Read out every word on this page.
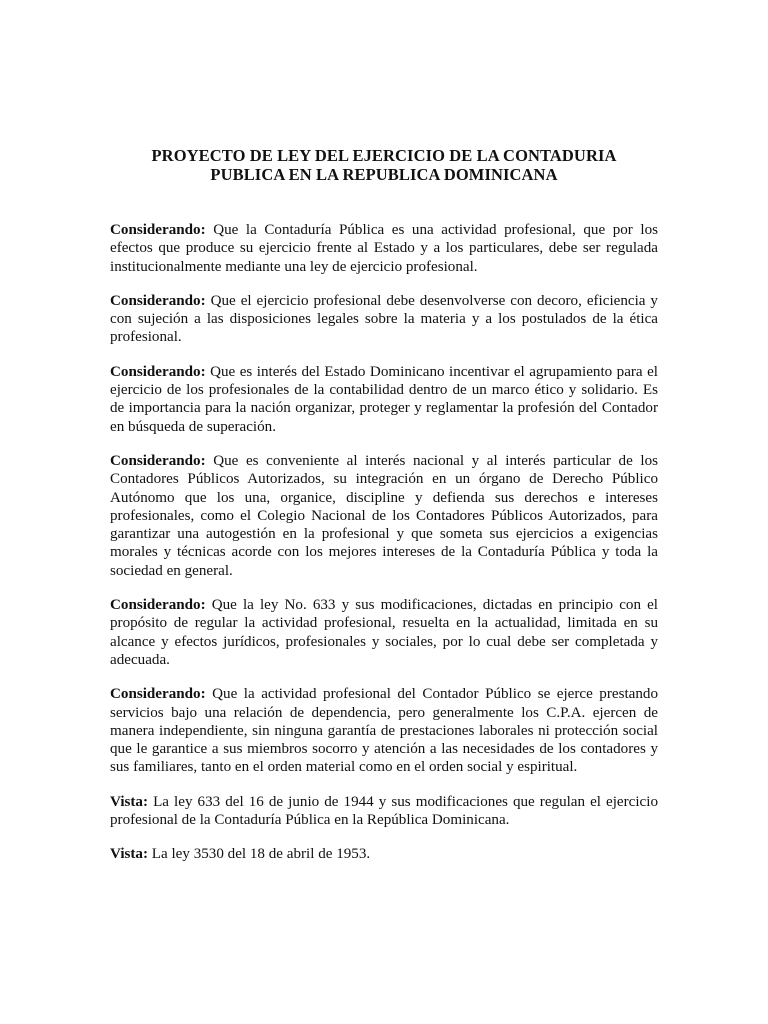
PROYECTO DE LEY DEL EJERCICIO DE LA CONTADURIA
PUBLICA EN LA REPUBLICA DOMINICANA

Considerando: Que la Contaduría Pública es una actividad profesional, que por los efectos que produce su ejercicio frente al Estado y a los particulares, debe ser regulada institucionalmente mediante una ley de ejercicio profesional.

Considerando: Que el ejercicio profesional debe desenvolverse con decoro, eficiencia y con sujeción a las disposiciones legales sobre la materia y a los postulados de la ética profesional.

Considerando: Que es interés del Estado Dominicano incentivar el agrupamiento para el ejercicio de los profesionales de la contabilidad dentro de un marco ético y solidario. Es de importancia para la nación organizar, proteger y reglamentar la profesión del Contador en búsqueda de superación.

Considerando: Que es conveniente al interés nacional y al interés particular de los Contadores Públicos Autorizados, su integración en un órgano de Derecho Público Autónomo que los una, organice, discipline y defienda sus derechos e intereses profesionales, como el Colegio Nacional de los Contadores Públicos Autorizados, para garantizar una autogestión en la profesional y que someta sus ejercicios a exigencias morales y técnicas acorde con los mejores intereses de la Contaduría Pública y toda la sociedad en general.

Considerando: Que la ley No. 633 y sus modificaciones, dictadas en principio con el propósito de regular la actividad profesional, resuelta en la actualidad, limitada en su alcance y efectos jurídicos, profesionales y sociales, por lo cual debe ser completada y adecuada.

Considerando: Que la actividad profesional del Contador Público se ejerce prestando servicios bajo una relación de dependencia, pero generalmente los C.P.A. ejercen de manera independiente, sin ninguna garantía de prestaciones laborales ni protección social que le garantice a sus miembros socorro y atención a las necesidades de los contadores y sus familiares, tanto en el orden material como en el orden social y espiritual.

Vista: La ley 633 del 16 de junio de 1944 y sus modificaciones que regulan el ejercicio profesional de la Contaduría Pública en la República Dominicana.

Vista: La ley 3530 del 18 de abril de 1953.
